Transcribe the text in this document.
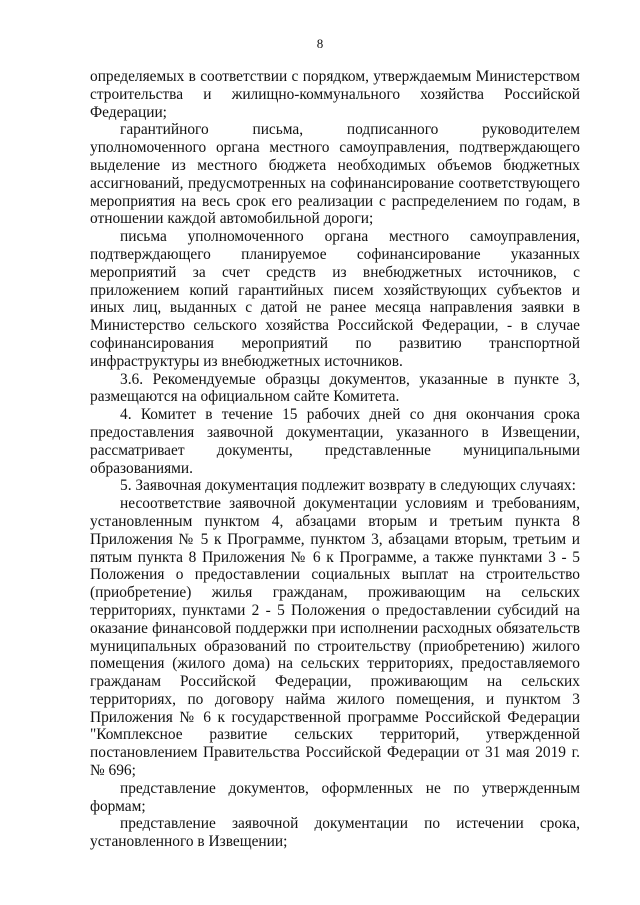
8

определяемых в соответствии с порядком, утверждаемым Министерством строительства и жилищно-коммунального хозяйства Российской Федерации;

гарантийного письма, подписанного руководителем уполномоченного органа местного самоуправления, подтверждающего выделение из местного бюджета необходимых объемов бюджетных ассигнований, предусмотренных на софинансирование соответствующего мероприятия на весь срок его реализации с распределением по годам, в отношении каждой автомобильной дороги;

письма уполномоченного органа местного самоуправления, подтверждающего планируемое софинансирование указанных мероприятий за счет средств из внебюджетных источников, с приложением копий гарантийных писем хозяйствующих субъектов и иных лиц, выданных с датой не ранее месяца направления заявки в Министерство сельского хозяйства Российской Федерации, - в случае софинансирования мероприятий по развитию транспортной инфраструктуры из внебюджетных источников.

3.6. Рекомендуемые образцы документов, указанные в пункте 3, размещаются на официальном сайте Комитета.

4. Комитет в течение 15 рабочих дней со дня окончания срока предоставления заявочной документации, указанного в Извещении, рассматривает документы, представленные муниципальными образованиями.

5. Заявочная документация подлежит возврату в следующих случаях:

несоответствие заявочной документации условиям и требованиям, установленным пунктом 4, абзацами вторым и третьим пункта 8 Приложения № 5 к Программе, пунктом 3, абзацами вторым, третьим и пятым пункта 8 Приложения № 6 к Программе, а также пунктами 3 - 5 Положения о предоставлении социальных выплат на строительство (приобретение) жилья гражданам, проживающим на сельских территориях, пунктами 2 - 5 Положения о предоставлении субсидий на оказание финансовой поддержки при исполнении расходных обязательств муниципальных образований по строительству (приобретению) жилого помещения (жилого дома) на сельских территориях, предоставляемого гражданам Российской Федерации, проживающим на сельских территориях, по договору найма жилого помещения, и пунктом 3 Приложения № 6 к государственной программе Российской Федерации "Комплексное развитие сельских территорий, утвержденной постановлением Правительства Российской Федерации от 31 мая 2019 г. № 696;

представление документов, оформленных не по утвержденным формам;

представление заявочной документации по истечении срока, установленного в Извещении;
